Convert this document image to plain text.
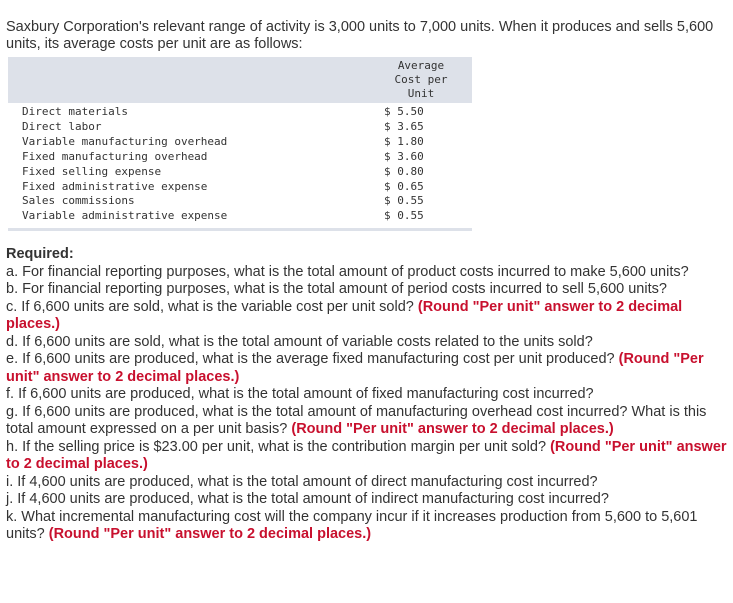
Saxbury Corporation's relevant range of activity is 3,000 units to 7,000 units. When it produces and sells 5,600 units, its average costs per unit are as follows:

	Average
Cost per Unit
Direct materials	$ 5.50
Direct labor	$ 3.65
Variable manufacturing overhead	$ 1.80
Fixed manufacturing overhead	$ 3.60
Fixed selling expense	$ 0.80
Fixed administrative expense	$ 0.65
Sales commissions	$ 0.55
Variable administrative expense	$ 0.55
Required:

a. For financial reporting purposes, what is the total amount of product costs incurred to make 5,600 units?

b. For financial reporting purposes, what is the total amount of period costs incurred to sell 5,600 units?

c. If 6,600 units are sold, what is the variable cost per unit sold? (Round "Per unit" answer to 2 decimal places.)

d. If 6,600 units are sold, what is the total amount of variable costs related to the units sold?

e. If 6,600 units are produced, what is the average fixed manufacturing cost per unit produced? (Round "Per unit" answer to 2 decimal places.)

f. If 6,600 units are produced, what is the total amount of fixed manufacturing cost incurred?

g. If 6,600 units are produced, what is the total amount of manufacturing overhead cost incurred? What is this total amount expressed on a per unit basis? (Round "Per unit" answer to 2 decimal places.)

h. If the selling price is $23.00 per unit, what is the contribution margin per unit sold? (Round "Per unit" answer to 2 decimal places.)

i. If 4,600 units are produced, what is the total amount of direct manufacturing cost incurred?

j. If 4,600 units are produced, what is the total amount of indirect manufacturing cost incurred?

k. What incremental manufacturing cost will the company incur if it increases production from 5,600 to 5,601 units? (Round "Per unit" answer to 2 decimal places.)
